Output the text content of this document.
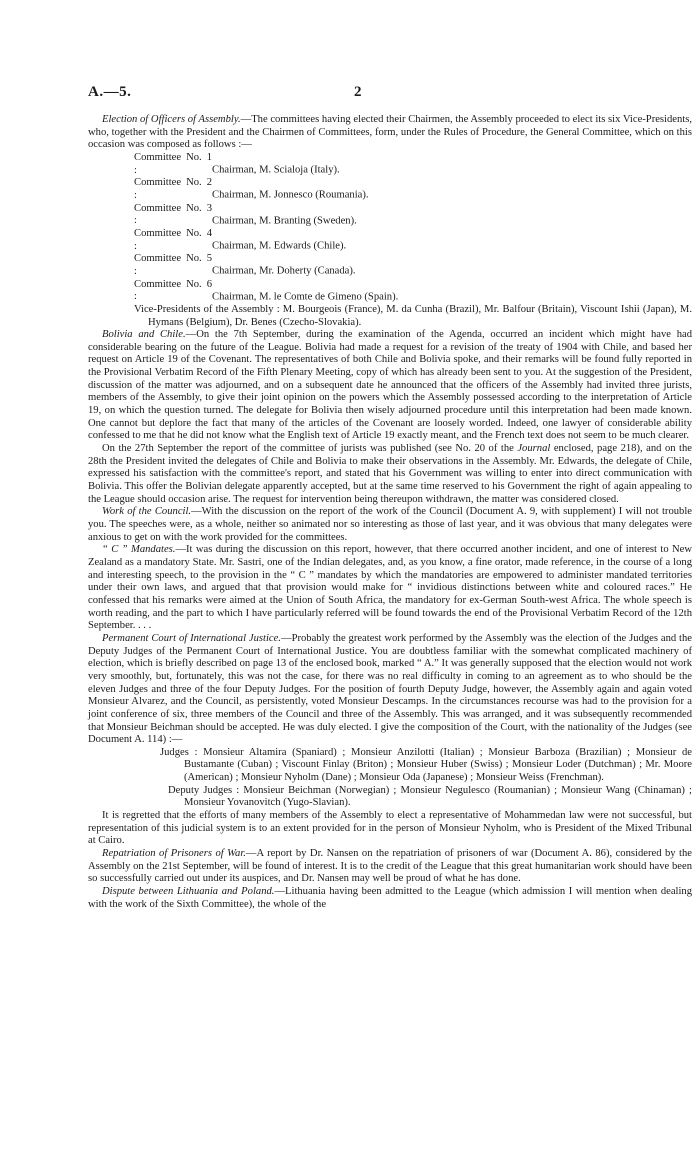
A.—5.	2

Election of Officers of Assembly.—The committees having elected their Chairmen, the Assembly proceeded to elect its six Vice-Presidents, who, together with the President and the Chairmen of Committees, form, under the Rules of Procedure, the General Committee, which on this occasion was composed as follows :—

Committee No. 1 :	Chairman, M. Scialoja (Italy).
Committee No. 2 :	Chairman, M. Jonnesco (Roumania).
Committee No. 3 :	Chairman, M. Branting (Sweden).
Committee No. 4 :	Chairman, M. Edwards (Chile).
Committee No. 5 :	Chairman, Mr. Doherty (Canada).
Committee No. 6 :	Chairman, M. le Comte de Gimeno (Spain).
Vice-Presidents of the Assembly : M. Bourgeois (France), M. da Cunha (Brazil), Mr. Balfour (Britain), Viscount Ishii (Japan), M. Hymans (Belgium), Dr. Benes (Czecho-Slovakia).

Bolivia and Chile.—On the 7th September, during the examination of the Agenda, occurred an incident which might have had considerable bearing on the future of the League. Bolivia had made a request for a revision of the treaty of 1904 with Chile, and based her request on Article 19 of the Covenant. The representatives of both Chile and Bolivia spoke, and their remarks will be found fully reported in the Provisional Verbatim Record of the Fifth Plenary Meeting, copy of which has already been sent to you. At the suggestion of the President, discussion of the matter was adjourned, and on a subsequent date he announced that the officers of the Assembly had invited three jurists, members of the Assembly, to give their joint opinion on the powers which the Assembly possessed according to the interpretation of Article 19, on which the question turned. The delegate for Bolivia then wisely adjourned procedure until this interpretation had been made known. One cannot but deplore the fact that many of the articles of the Covenant are loosely worded. Indeed, one lawyer of considerable ability confessed to me that he did not know what the English text of Article 19 exactly meant, and the French text does not seem to be much clearer.

On the 27th September the report of the committee of jurists was published (see No. 20 of the Journal enclosed, page 218), and on the 28th the President invited the delegates of Chile and Bolivia to make their observations in the Assembly. Mr. Edwards, the delegate of Chile, expressed his satisfaction with the committee's report, and stated that his Government was willing to enter into direct communication with Bolivia. This offer the Bolivian delegate apparently accepted, but at the same time reserved to his Government the right of again appealing to the League should occasion arise. The request for intervention being thereupon withdrawn, the matter was considered closed.

Work of the Council.—With the discussion on the report of the work of the Council (Document A. 9, with supplement) I will not trouble you. The speeches were, as a whole, neither so animated nor so interesting as those of last year, and it was obvious that many delegates were anxious to get on with the work provided for the committees.

“ C ” Mandates.—It was during the discussion on this report, however, that there occurred another incident, and one of interest to New Zealand as a mandatory State. Mr. Sastri, one of the Indian delegates, and, as you know, a fine orator, made reference, in the course of a long and interesting speech, to the provision in the “ C ” mandates by which the mandatories are empowered to administer mandated territories under their own laws, and argued that that provision would make for “ invidious distinctions between white and coloured races.” He confessed that his remarks were aimed at the Union of South Africa, the mandatory for ex-German South-west Africa. The whole speech is worth reading, and the part to which I have particularly referred will be found towards the end of the Provisional Verbatim Record of the 12th September. . . .

Permanent Court of International Justice.—Probably the greatest work performed by the Assembly was the election of the Judges and the Deputy Judges of the Permanent Court of International Justice. You are doubtless familiar with the somewhat complicated machinery of election, which is briefly described on page 13 of the enclosed book, marked “ A.” It was generally supposed that the election would not work very smoothly, but, fortunately, this was not the case, for there was no real difficulty in coming to an agreement as to who should be the eleven Judges and three of the four Deputy Judges. For the position of fourth Deputy Judge, however, the Assembly again and again voted Monsieur Alvarez, and the Council, as persistently, voted Monsieur Descamps. In the circumstances recourse was had to the provision for a joint conference of six, three members of the Council and three of the Assembly. This was arranged, and it was subsequently recommended that Monsieur Beichman should be accepted. He was duly elected. I give the composition of the Court, with the nationality of the Judges (see Document A. 114) :—

Judges : Monsieur Altamira (Spaniard) ; Monsieur Anzilotti (Italian) ; Monsieur Barboza (Brazilian) ; Monsieur de Bustamante (Cuban) ; Viscount Finlay (Briton) ; Monsieur Huber (Swiss) ; Monsieur Loder (Dutchman) ; Mr. Moore (American) ; Monsieur Nyholm (Dane) ; Monsieur Oda (Japanese) ; Monsieur Weiss (Frenchman).
Deputy Judges : Monsieur Beichman (Norwegian) ; Monsieur Negulesco (Roumanian) ; Monsieur Wang (Chinaman) ; Monsieur Yovanovitch (Yugo-Slavian).

It is regretted that the efforts of many members of the Assembly to elect a representative of Mohammedan law were not successful, but representation of this judicial system is to an extent provided for in the person of Monsieur Nyholm, who is President of the Mixed Tribunal at Cairo.

Repatriation of Prisoners of War.—A report by Dr. Nansen on the repatriation of prisoners of war (Document A. 86), considered by the Assembly on the 21st September, will be found of interest. It is to the credit of the League that this great humanitarian work should have been so successfully carried out under its auspices, and Dr. Nansen may well be proud of what he has done.

Dispute between Lithuania and Poland.—Lithuania having been admitted to the League (which admission I will mention when dealing with the work of the Sixth Committee), the whole of the
